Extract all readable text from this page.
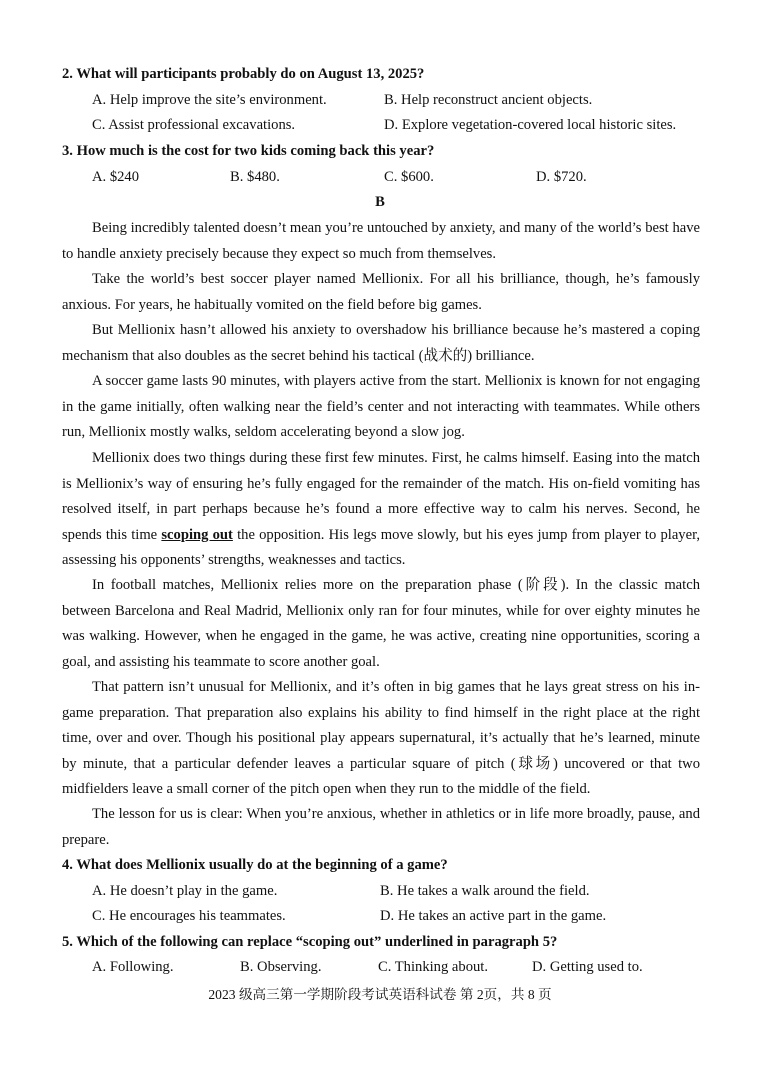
2. What will participants probably do on August 13, 2025?
A. Help improve the site’s environment.	B. Help reconstruct ancient objects.
C. Assist professional excavations.	D. Explore vegetation-covered local historic sites.
3. How much is the cost for two kids coming back this year?
A. $240	B. $480.	C. $600.	D. $720.
B

Being incredibly talented doesn’t mean you’re untouched by anxiety, and many of the world’s best have to handle anxiety precisely because they expect so much from themselves.

Take the world’s best soccer player named Mellionix. For all his brilliance, though, he’s famously anxious. For years, he habitually vomited on the field before big games.

But Mellionix hasn’t allowed his anxiety to overshadow his brilliance because he’s mastered a coping mechanism that also doubles as the secret behind his tactical (战术的) brilliance.

A soccer game lasts 90 minutes, with players active from the start. Mellionix is known for not engaging in the game initially, often walking near the field’s center and not interacting with teammates. While others run, Mellionix mostly walks, seldom accelerating beyond a slow jog.

Mellionix does two things during these first few minutes. First, he calms himself. Easing into the match is Mellionix’s way of ensuring he’s fully engaged for the remainder of the match. His on-field vomiting has resolved itself, in part perhaps because he’s found a more effective way to calm his nerves. Second, he spends this time scoping out the opposition. His legs move slowly, but his eyes jump from player to player, assessing his opponents’ strengths, weaknesses and tactics.

In football matches, Mellionix relies more on the preparation phase (阶段). In the classic match between Barcelona and Real Madrid, Mellionix only ran for four minutes, while for over eighty minutes he was walking. However, when he engaged in the game, he was active, creating nine opportunities, scoring a goal, and assisting his teammate to score another goal.

That pattern isn’t unusual for Mellionix, and it’s often in big games that he lays great stress on his in-game preparation. That preparation also explains his ability to find himself in the right place at the right time, over and over. Though his positional play appears supernatural, it’s actually that he’s learned, minute by minute, that a particular defender leaves a particular square of pitch (球场) uncovered or that two midfielders leave a small corner of the pitch open when they run to the middle of the field.

The lesson for us is clear: When you’re anxious, whether in athletics or in life more broadly, pause, and prepare.

4. What does Mellionix usually do at the beginning of a game?
A. He doesn’t play in the game.	B. He takes a walk around the field.
C. He encourages his teammates.	D. He takes an active part in the game.
5. Which of the following can replace “scoping out” underlined in paragraph 5?
A. Following.	B. Observing.	C. Thinking about.	D. Getting used to.
2023 级高三第一学期阶段考试英语科试卷 第 2页，共 8 页
